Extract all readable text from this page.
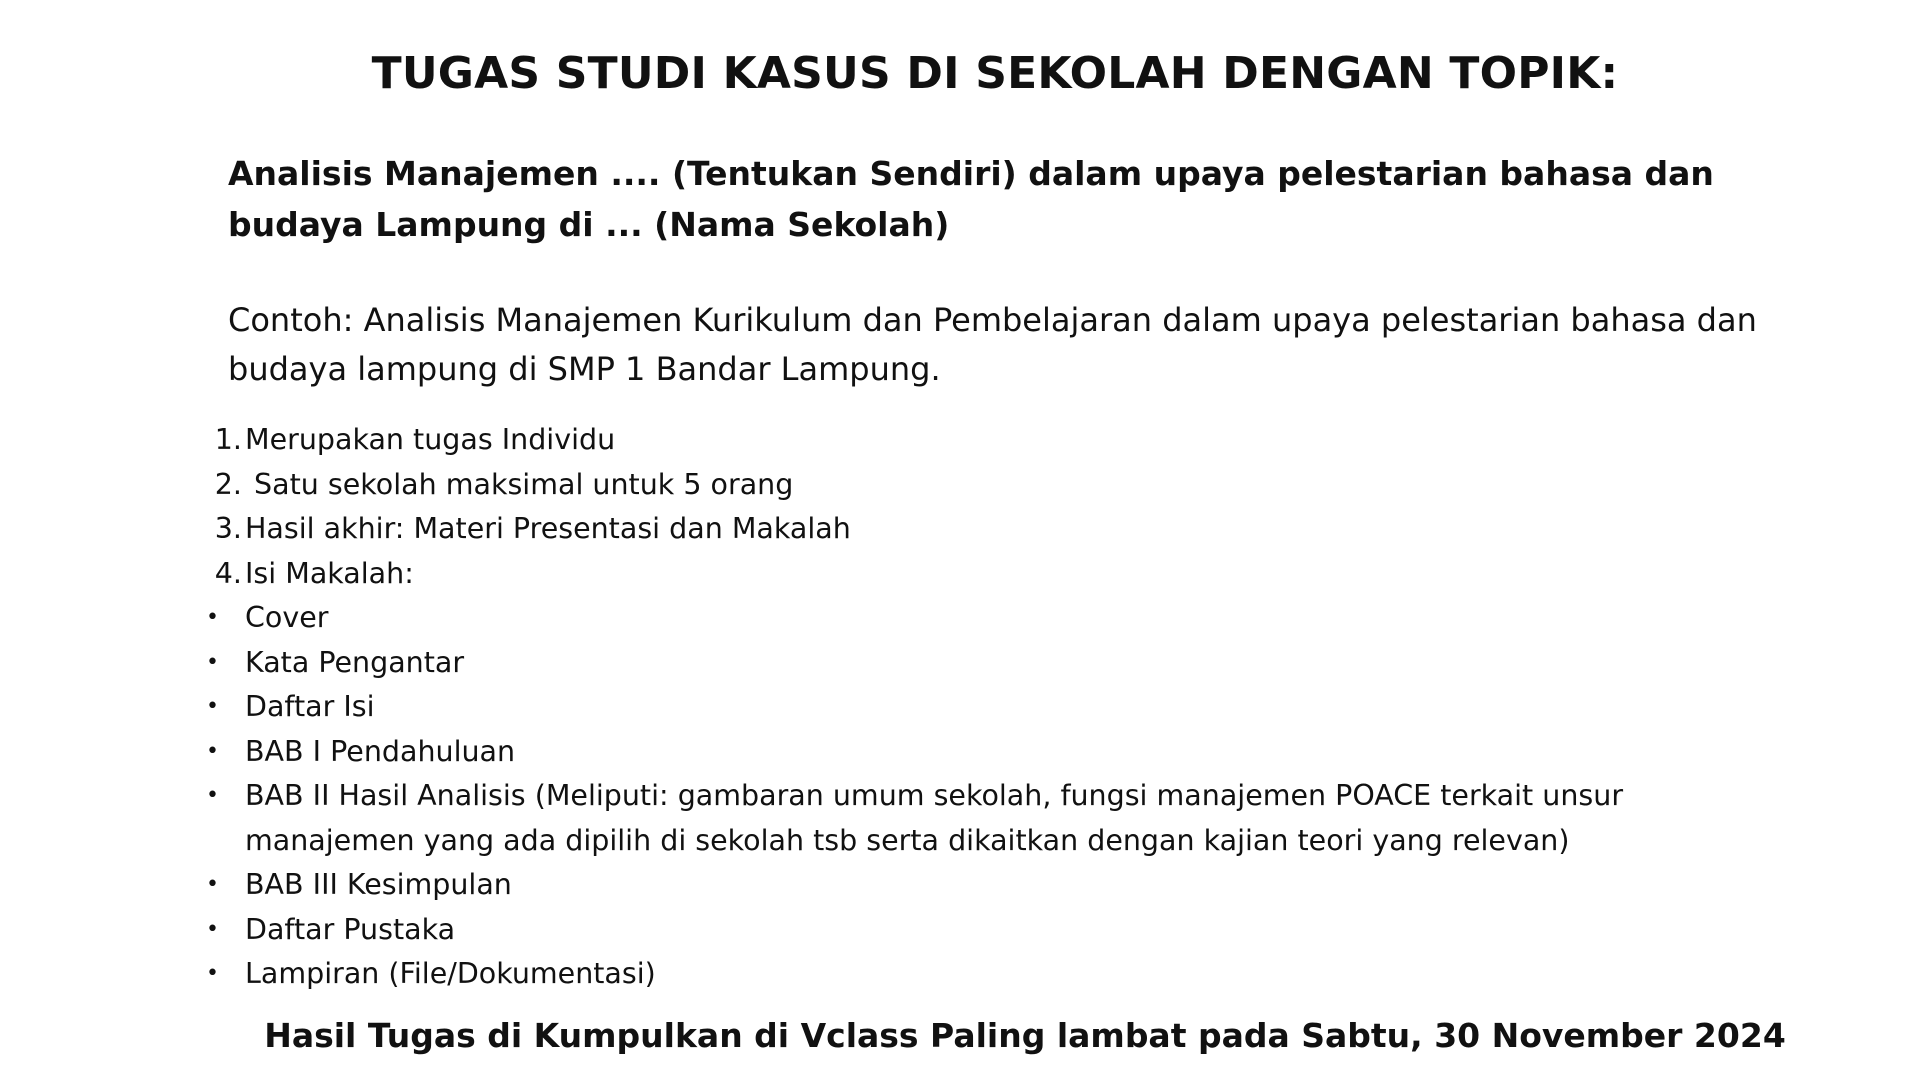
TUGAS STUDI KASUS DI SEKOLAH DENGAN TOPIK:
Analisis Manajemen .... (Tentukan Sendiri) dalam upaya pelestarian bahasa dan budaya Lampung di ... (Nama Sekolah)
Contoh: Analisis Manajemen Kurikulum dan Pembelajaran dalam upaya pelestarian bahasa dan budaya lampung di SMP 1 Bandar Lampung.
1. Merupakan tugas Individu
2. Satu sekolah maksimal untuk 5 orang
3. Hasil akhir: Materi Presentasi dan Makalah
4. Isi Makalah:
• Cover
• Kata Pengantar
• Daftar Isi
• BAB I Pendahuluan
• BAB II Hasil Analisis (Meliputi: gambaran umum sekolah, fungsi manajemen POACE terkait unsur manajemen yang ada dipilih di sekolah tsb serta dikaitkan dengan kajian teori yang relevan)
• BAB III Kesimpulan
• Daftar Pustaka
• Lampiran (File/Dokumentasi)
Hasil Tugas di Kumpulkan di Vclass Paling lambat pada Sabtu, 30 November 2024
